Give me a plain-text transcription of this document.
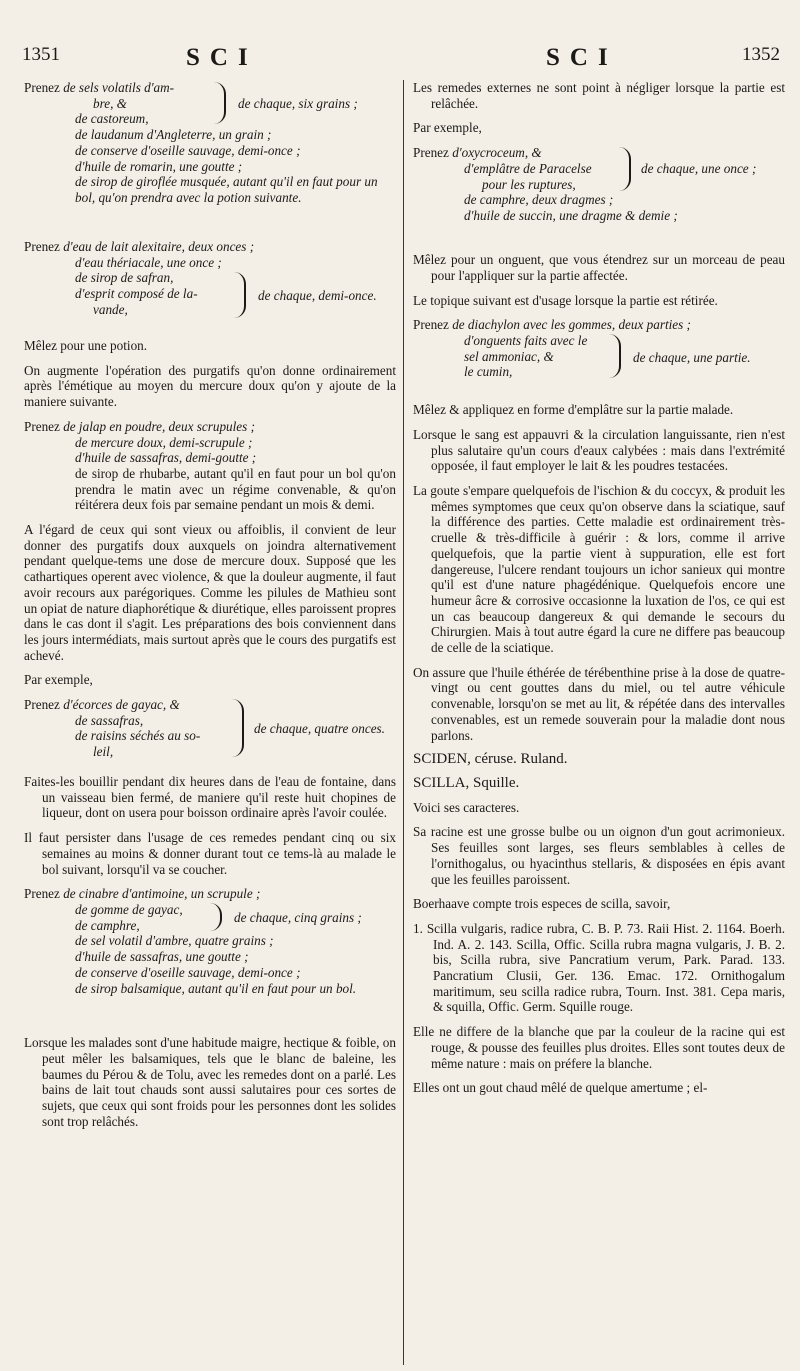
1351	SCI	SCI	1352
Prenez de sels volatils d'am-
bre, &
de castoreum,
de chaque, six grains ;
de laudanum d'Angleterre, un grain ;
de conserve d'oseille sauvage, demi-once ;
d'huile de romarin, une goutte ;
de sirop de giroflée musquée, autant qu'il en faut pour un bol, qu'on prendra avec la potion suivante.
Prenez d'eau de lait alexitaire, deux onces ;
d'eau thériacale, une once ;
de sirop de safran,
d'esprit composé de la-
vande,
de chaque, demi-once.

Mêlez pour une potion.

On augmente l'opération des purgatifs qu'on donne ordinairement après l'émétique au moyen du mercure doux qu'on y ajoute de la maniere suivante.

Prenez de jalap en poudre, deux scrupules ;
de mercure doux, demi-scrupule ;
d'huile de sassafras, demi-goutte ;
de sirop de rhubarbe, autant qu'il en faut pour un bol qu'on prendra le matin avec un régime convenable, & qu'on réitérera deux fois par semaine pendant un mois & demi.

A l'égard de ceux qui sont vieux ou affoiblis, il convient de leur donner des purgatifs doux auxquels on joindra alternativement pendant quelque-tems une dose de mercure doux. Supposé que les cathartiques operent avec violence, & que la douleur augmente, il faut avoir recours aux parégoriques. Comme les pilules de Mathieu sont un opiat de nature diaphorétique & diurétique, elles paroissent propres dans le cas dont il s'agit. Les préparations des bois conviennent dans les jours intermédiats, mais surtout après que le cours des purgatifs est achevé.

Par exemple,

Prenez d'écorces de gayac, &
de sassafras,
de raisins séchés au so-
leil,
de chaque, quatre onces.

Faites-les bouillir pendant dix heures dans de l'eau de fontaine, dans un vaisseau bien fermé, de maniere qu'il reste huit chopines de liqueur, dont on usera pour boisson ordinaire après l'avoir coulée.

Il faut persister dans l'usage de ces remedes pendant cinq ou six semaines au moins & donner durant tout ce tems-là au malade le bol suivant, lorsqu'il va se coucher.

Prenez de cinabre d'antimoine, un scrupule ;
de gomme de gayac,
de camphre,	de chaque, cinq grains ;
de sel volatil d'ambre, quatre grains ;
d'huile de sassafras, une goutte ;
de conserve d'oseille sauvage, demi-once ;
de sirop balsamique, autant qu'il en faut pour un bol.

Lorsque les malades sont d'une habitude maigre, hectique & foible, on peut mêler les balsamiques, tels que le blanc de baleine, les baumes du Pérou & de Tolu, avec les remedes dont on a parlé. Les bains de lait tout chauds sont aussi salutaires pour ces sortes de sujets, que ceux qui sont froids pour les personnes dont les solides sont trop relâchés.

Les remedes externes ne sont point à négliger lorsque la partie est relâchée.

Par exemple,

Prenez d'oxycroceum, &
d'emplâtre de Paracelse
pour les ruptures,
de chaque, une once ;
de camphre, deux dragmes ;
d'huile de succin, une dragme & demie ;

Mêlez pour un onguent, que vous étendrez sur un morceau de peau pour l'appliquer sur la partie affectée.

Le topique suivant est d'usage lorsque la partie est rétirée.

Prenez de diachylon avec les gommes, deux parties ;
d'onguents faits avec le
sel ammoniac, &
le cumin,
de chaque, une partie.

Mêlez & appliquez en forme d'emplâtre sur la partie malade.

Lorsque le sang est appauvri & la circulation languissante, rien n'est plus salutaire qu'un cours d'eaux calybées : mais dans l'extrémité opposée, il faut employer le lait & les poudres testacées.

La goute s'empare quelquefois de l'ischion & du coccyx, & produit les mêmes symptomes que ceux qu'on observe dans la sciatique, sauf la différence des parties. Cette maladie est ordinairement très-cruelle & très-difficile à guérir : & lors, comme il arrive quelquefois, que la partie vient à suppuration, elle est fort dangereuse, l'ulcere rendant toujours un ichor sanieux qui montre qu'il est d'une nature phagédénique. Quelquefois encore une humeur âcre & corrosive occasionne la luxation de l'os, ce qui est un cas beaucoup dangereux & qui demande le secours du Chirurgien. Mais à tout autre égard la cure ne differe pas beaucoup de celle de la sciatique.

On assure que l'huile éthérée de térébenthine prise à la dose de quatre-vingt ou cent gouttes dans du miel, ou tel autre véhicule convenable, lorsqu'on se met au lit, & répétée dans des intervalles convenables, est un remede souverain pour la maladie dont nous parlons.

SCIDEN, céruse. Ruland.

SCILLA, Squille.

Voici ses caracteres.

Sa racine est une grosse bulbe ou un oignon d'un gout acrimonieux. Ses feuilles sont larges, ses fleurs semblables à celles de l'ornithogalus, ou hyacinthus stellaris, & disposées en épis avant que les feuilles paroissent.

Boerhaave compte trois especes de scilla, savoir,

1. Scilla vulgaris, radice rubra, C. B. P. 73. Raii Hist. 2. 1164. Boerh. Ind. A. 2. 143. Scilla, Offic. Scilla rubra magna vulgaris, J. B. 2. bis, Scilla rubra, sive Pancratium verum, Park. Parad. 133. Pancratium Clusii, Ger. 136. Emac. 172. Ornithogalum maritimum, seu scilla radice rubra, Tourn. Inst. 381. Cepa maris, & squilla, Offic. Germ. Squille rouge.

Elle ne differe de la blanche que par la couleur de la racine qui est rouge, & pousse des feuilles plus droites. Elles sont toutes deux de même nature : mais on préfere la blanche.

Elles ont un gout chaud mêlé de quelque amertume ; el-
